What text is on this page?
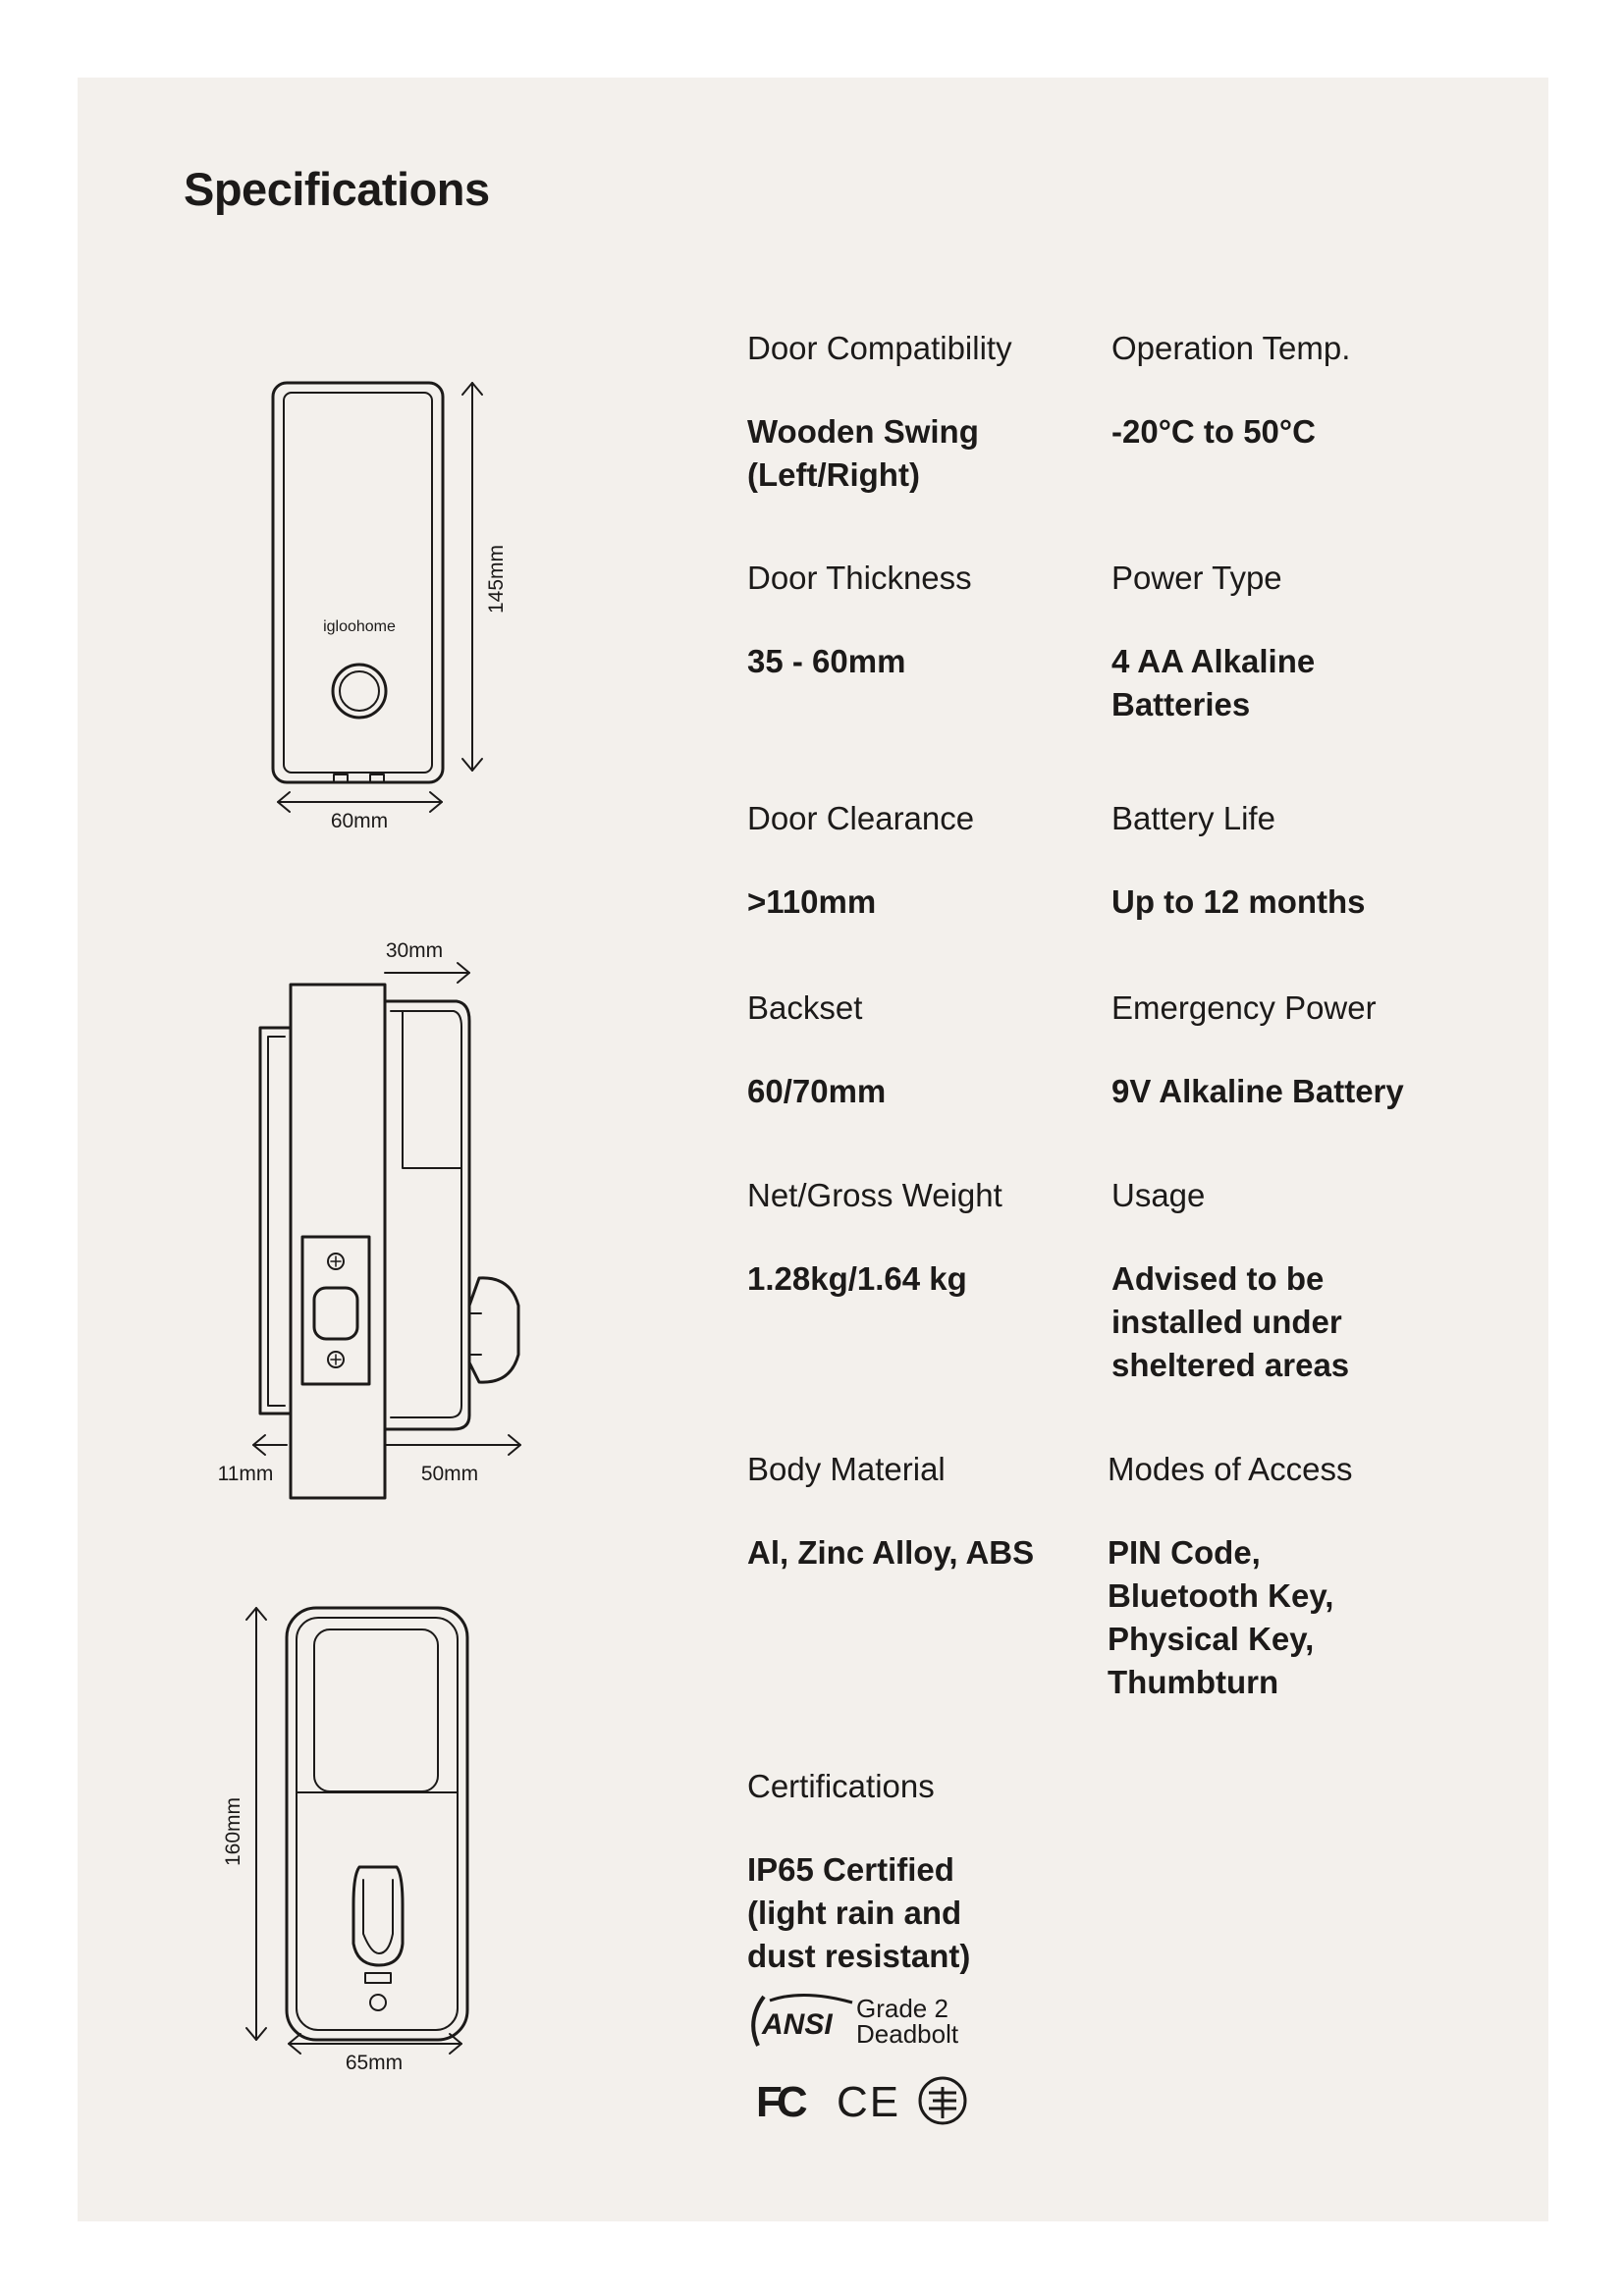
Specifications
Door Compatibility
Wooden Swing (Left/Right)
Operation Temp.
-20°C to 50°C
Door Thickness
35 - 60mm
Power Type
4 AA Alkaline Batteries
Door Clearance
>110mm
Battery Life
Up to 12 months
Backset
60/70mm
Emergency Power
9V Alkaline Battery
Net/Gross Weight
1.28kg/1.64 kg
Usage
Advised to be installed under sheltered areas
Body Material
Al, Zinc Alloy, ABS
Modes of Access
PIN Code, Bluetooth Key, Physical Key, Thumbturn
Certifications
IP65 Certified (light rain and dust resistant)
igloohome
145mm
60mm
30mm
11mm	50mm
160mm
65mm
ANSI Grade 2
Deadbolt
FC CE
